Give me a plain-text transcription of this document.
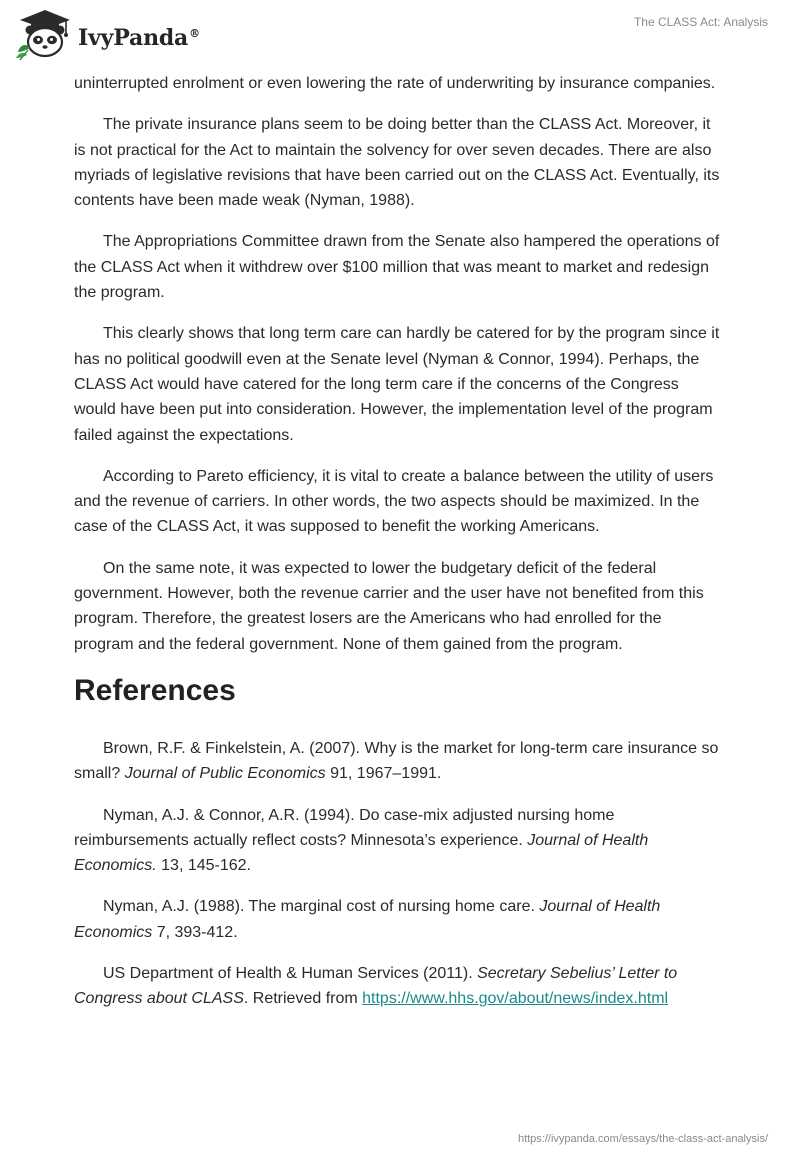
IvyPanda®
The CLASS Act: Analysis

uninterrupted enrolment or even lowering the rate of underwriting by insurance companies.

The private insurance plans seem to be doing better than the CLASS Act. Moreover, it is not practical for the Act to maintain the solvency for over seven decades. There are also myriads of legislative revisions that have been carried out on the CLASS Act. Eventually, its contents have been made weak (Nyman, 1988).

The Appropriations Committee drawn from the Senate also hampered the operations of the CLASS Act when it withdrew over $100 million that was meant to market and redesign the program.

This clearly shows that long term care can hardly be catered for by the program since it has no political goodwill even at the Senate level (Nyman & Connor, 1994). Perhaps, the CLASS Act would have catered for the long term care if the concerns of the Congress would have been put into consideration. However, the implementation level of the program failed against the expectations.

According to Pareto efficiency, it is vital to create a balance between the utility of users and the revenue of carriers. In other words, the two aspects should be maximized. In the case of the CLASS Act, it was supposed to benefit the working Americans.

On the same note, it was expected to lower the budgetary deficit of the federal government. However, both the revenue carrier and the user have not benefited from this program. Therefore, the greatest losers are the Americans who had enrolled for the program and the federal government. None of them gained from the program.

References

Brown, R.F. & Finkelstein, A. (2007). Why is the market for long-term care insurance so small? Journal of Public Economics 91, 1967–1991.

Nyman, A.J. & Connor, A.R. (1994). Do case-mix adjusted nursing home reimbursements actually reflect costs? Minnesota’s experience. Journal of Health Economics. 13, 145-162.

Nyman, A.J. (1988). The marginal cost of nursing home care. Journal of Health Economics 7, 393-412.

US Department of Health & Human Services (2011). Secretary Sebelius’ Letter to Congress about CLASS. Retrieved from https://www.hhs.gov/about/news/index.html

https://ivypanda.com/essays/the-class-act-analysis/
